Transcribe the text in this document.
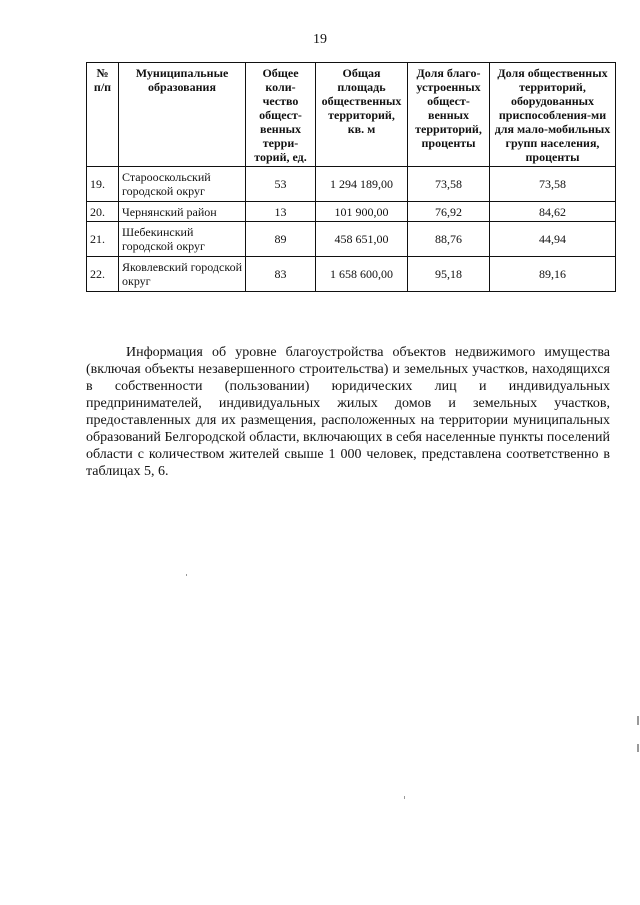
19
№ п/п	Муниципальные образования	Общее коли-чество общест-венных терри-торий, ед.	Общая площадь общественных территорий, кв. м	Доля благо-устроенных общест-венных территорий, проценты	Доля общественных территорий, оборудованных приспособления-ми для мало-мобильных групп населения, проценты
19.	Старооскольский городской округ	53	1 294 189,00	73,58	73,58
20.	Чернянский район	13	101 900,00	76,92	84,62
21.	Шебекинский городской округ	89	458 651,00	88,76	44,94
22.	Яковлевский городской округ	83	1 658 600,00	95,18	89,16

Информация об уровне благоустройства объектов недвижимого имущества (включая объекты незавершенного строительства) и земельных участков, находящихся в собственности (пользовании) юридических лиц и индивидуальных предпринимателей, индивидуальных жилых домов и земельных участков, предоставленных для их размещения, расположенных на территории муниципальных образований Белгородской области, включающих в себя населенные пункты поселений области с количеством жителей свыше 1 000 человек, представлена соответственно в таблицах 5, 6.
